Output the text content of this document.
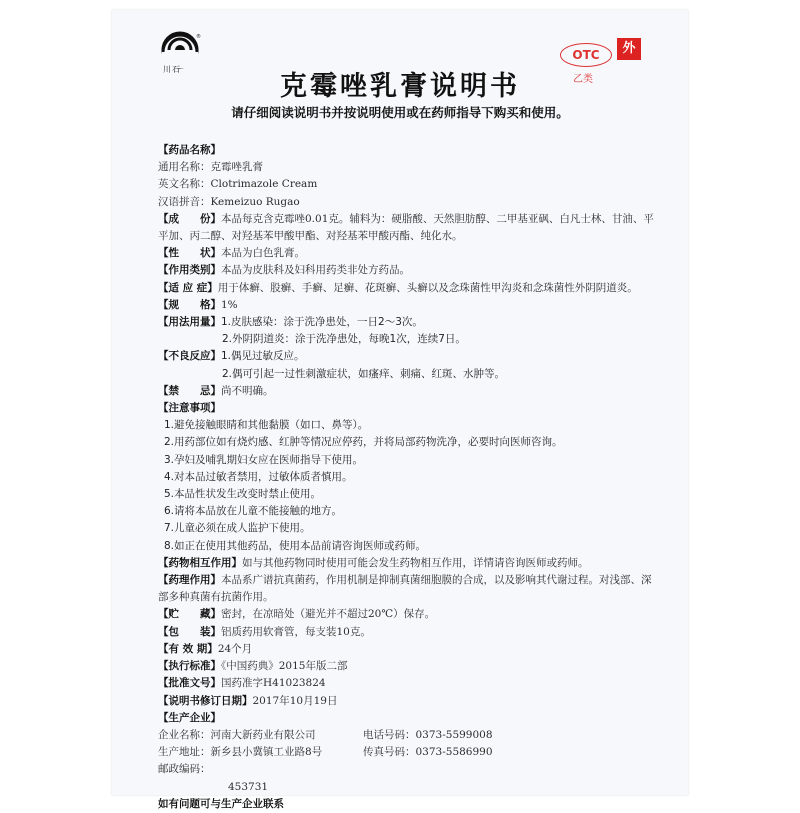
®
川石
OTC
乙类
外
克霉唑乳膏说明书
请仔细阅读说明书并按说明使用或在药师指导下购买和使用。
【药品名称】
通用名称：克霉唑乳膏
英文名称：Clotrimazole Cream
汉语拼音：Kemeizuo Rugao
【成　　份】本品每克含克霉唑0.01克。辅料为：硬脂酸、天然胆肪醇、二甲基亚砜、白凡士林、甘油、平平加、丙二醇、对羟基苯甲酸甲酯、对羟基苯甲酸丙酯、纯化水。
【性　　状】本品为白色乳膏。
【作用类别】本品为皮肤科及妇科用药类非处方药品。
【适 应 症】用于体癣、股癣、手癣、足癣、花斑癣、头癣以及念珠菌性甲沟炎和念珠菌性外阴阴道炎。
【规　　格】1%
【用法用量】1.皮肤感染：涂于洗净患处，一日2～3次。
2.外阴阴道炎：涂于洗净患处，每晚1次，连续7日。
【不良反应】1.偶见过敏反应。
2.偶可引起一过性刺激症状，如瘙痒、刺痛、红斑、水肿等。
【禁　　忌】尚不明确。
【注意事项】
1.避免接触眼睛和其他黏膜（如口、鼻等）。
2.用药部位如有烧灼感、红肿等情况应停药，并将局部药物洗净，必要时向医师咨询。
3.孕妇及哺乳期妇女应在医师指导下使用。
4.对本品过敏者禁用，过敏体质者慎用。
5.本品性状发生改变时禁止使用。
6.请将本品放在儿童不能接触的地方。
7.儿童必须在成人监护下使用。
8.如正在使用其他药品，使用本品前请咨询医师或药师。
【药物相互作用】如与其他药物同时使用可能会发生药物相互作用，详情请咨询医师或药师。
【药理作用】本品系广谱抗真菌药，作用机制是抑制真菌细胞膜的合成，以及影响其代谢过程。对浅部、深部多种真菌有抗菌作用。
【贮　　藏】密封，在凉暗处（避光并不超过20℃）保存。
【包　　装】铝质药用软膏管，每支装10克。
【有 效 期】24个月
【执行标准】《中国药典》2015年版二部
【批准文号】国药准字H41023824
【说明书修订日期】2017年10月19日
【生产企业】
企业名称：河南大新药业有限公司	电话号码：0373-5599008
生产地址：新乡县小冀镇工业路8号	传真号码：0373-5586990
邮政编码：
453731
如有问题可与生产企业联系
